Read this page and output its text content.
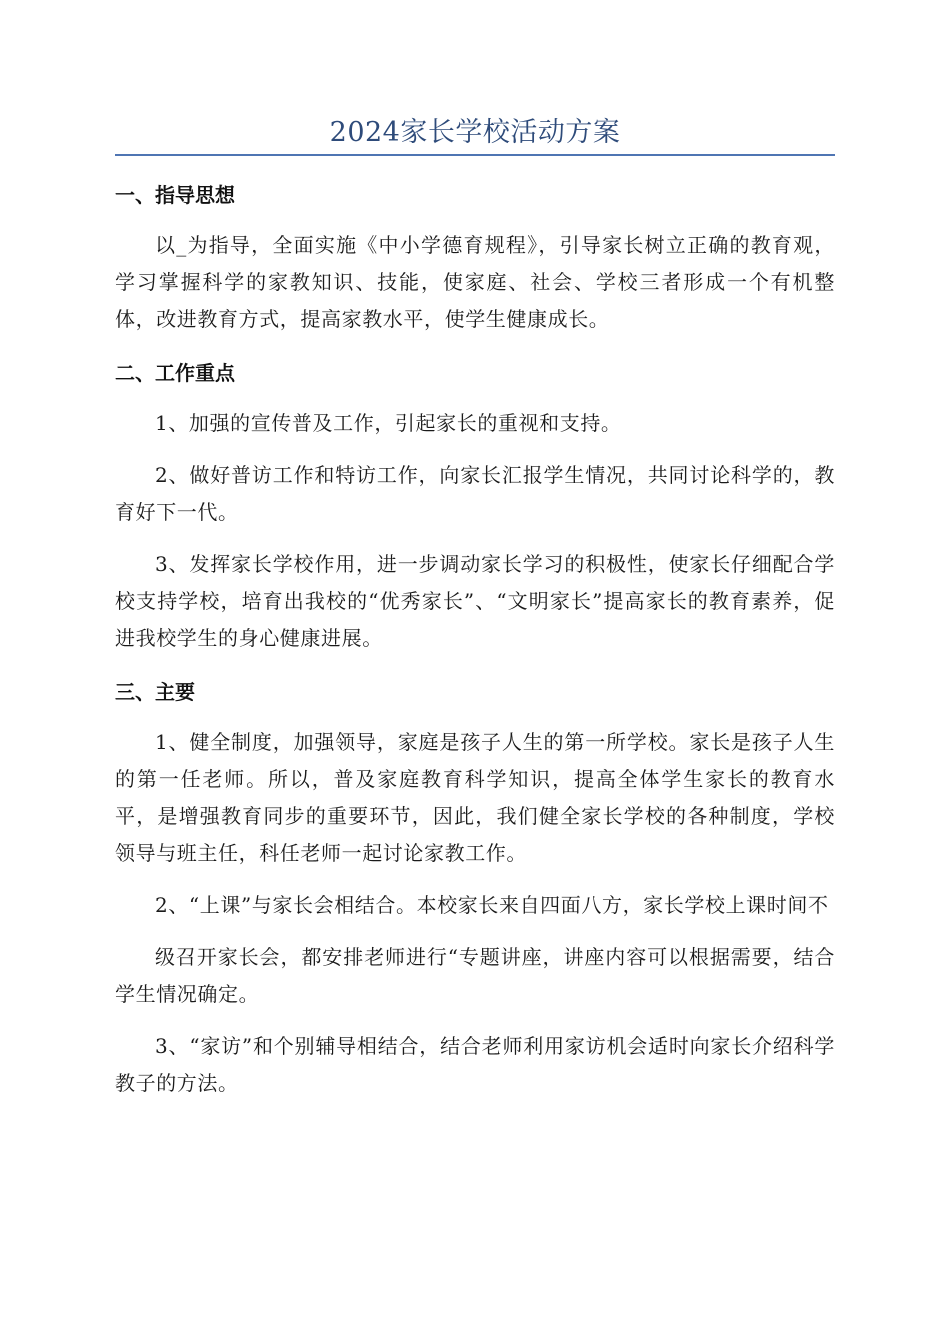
2024家长学校活动方案
一、指导思想

以_为指导，全面实施《中小学德育规程》，引导家长树立正确的教育观，学习掌握科学的家教知识、技能，使家庭、社会、学校三者形成一个有机整体，改进教育方式，提高家教水平，使学生健康成长。

二、工作重点

1、加强的宣传普及工作，引起家长的重视和支持。

2、做好普访工作和特访工作，向家长汇报学生情况，共同讨论科学的，教育好下一代。

3、发挥家长学校作用，进一步调动家长学习的积极性，使家长仔细配合学校支持学校，培育出我校的“优秀家长”、“文明家长”提高家长的教育素养，促进我校学生的身心健康进展。

三、主要

1、健全制度，加强领导，家庭是孩子人生的第一所学校。家长是孩子人生的第一任老师。所以，普及家庭教育科学知识，提高全体学生家长的教育水平，是增强教育同步的重要环节，因此，我们健全家长学校的各种制度，学校领导与班主任，科任老师一起讨论家教工作。

2、“上课”与家长会相结合。本校家长来自四面八方，家长学校上课时间不

级召开家长会，都安排老师进行“专题讲座，讲座内容可以根据需要，结合学生情况确定。

3、“家访”和个别辅导相结合，结合老师利用家访机会适时向家长介绍科学教子的方法。
